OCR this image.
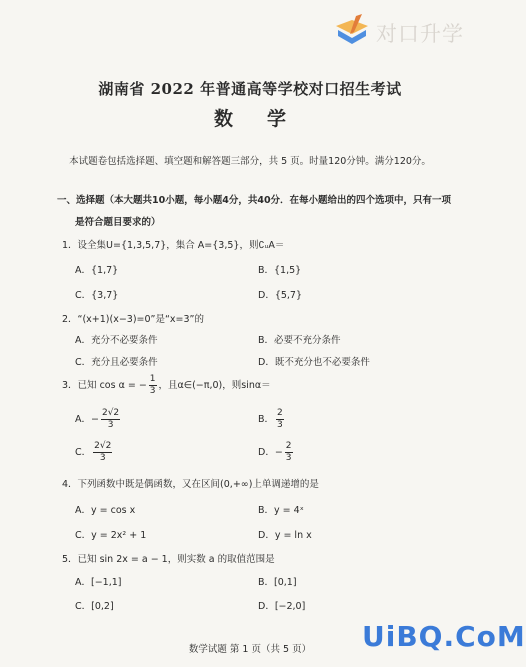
对口升学
湖南省 2022 年普通高等学校对口招生考试
数学
本试题卷包括选择题、填空题和解答题三部分，共 5 页。时量120分钟。满分120分。
一、选择题（本大题共10小题，每小题4分，共40分．在每小题给出的四个选项中，只有一项
是符合题目要求的）
1．设全集U={1,3,5,7}，集合 A={3,5}，则∁ᵤA＝
A．{1,7}	B．{1,5}
C．{3,7}	D．{5,7}
2．“(x+1)(x−3)=0”是“x=3”的
A．充分不必要条件	B．必要不充分条件
C．充分且必要条件	D．既不充分也不必要条件
3．已知 cos α = − $\frac{1}{3}$ ，且α∈(−π,0)，则sinα＝
A．− $\frac{2√2}{3}$	B． $\frac{2}{3}$
C． $\frac{2√2}{3}$	D．− $\frac{2}{3}$
4．下列函数中既是偶函数，又在区间(0,+∞)上单调递增的是
A．y = cos x	B．y = 4ˣ
C．y = 2x² + 1	D．y = ln x
5．已知 sin 2x = a − 1，则实数 a 的取值范围是
A．[−1,1]	B．[0,1]
C．[0,2]	D．[−2,0]
数学试题 第 1 页（共 5 页）	UiBQ.CoM
